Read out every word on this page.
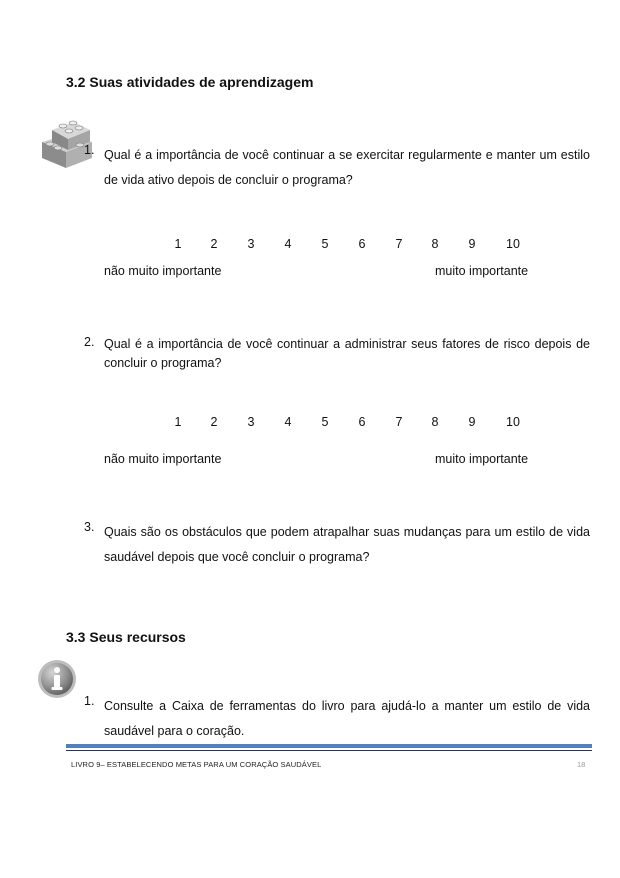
3.2 Suas atividades de aprendizagem
1. Qual é a importância de você continuar a se exercitar regularmente e manter um estilo de vida ativo depois de concluir o programa?
1	2	3	4	5	6	7	8	9	10
não muito importante	muito importante
2. Qual é a importância de você continuar a administrar seus fatores de risco depois de concluir o programa?
1	2	3	4	5	6	7	8	9	10
não muito importante	muito importante
3. Quais são os obstáculos que podem atrapalhar suas mudanças para um estilo de vida saudável depois que você concluir o programa?
3.3 Seus recursos
1. Consulte a Caixa de ferramentas do livro para ajudá-lo a manter um estilo de vida saudável para o coração.
LIVRO 9– ESTABELECENDO METAS PARA UM CORAÇÃO SAUDÁVEL	18
